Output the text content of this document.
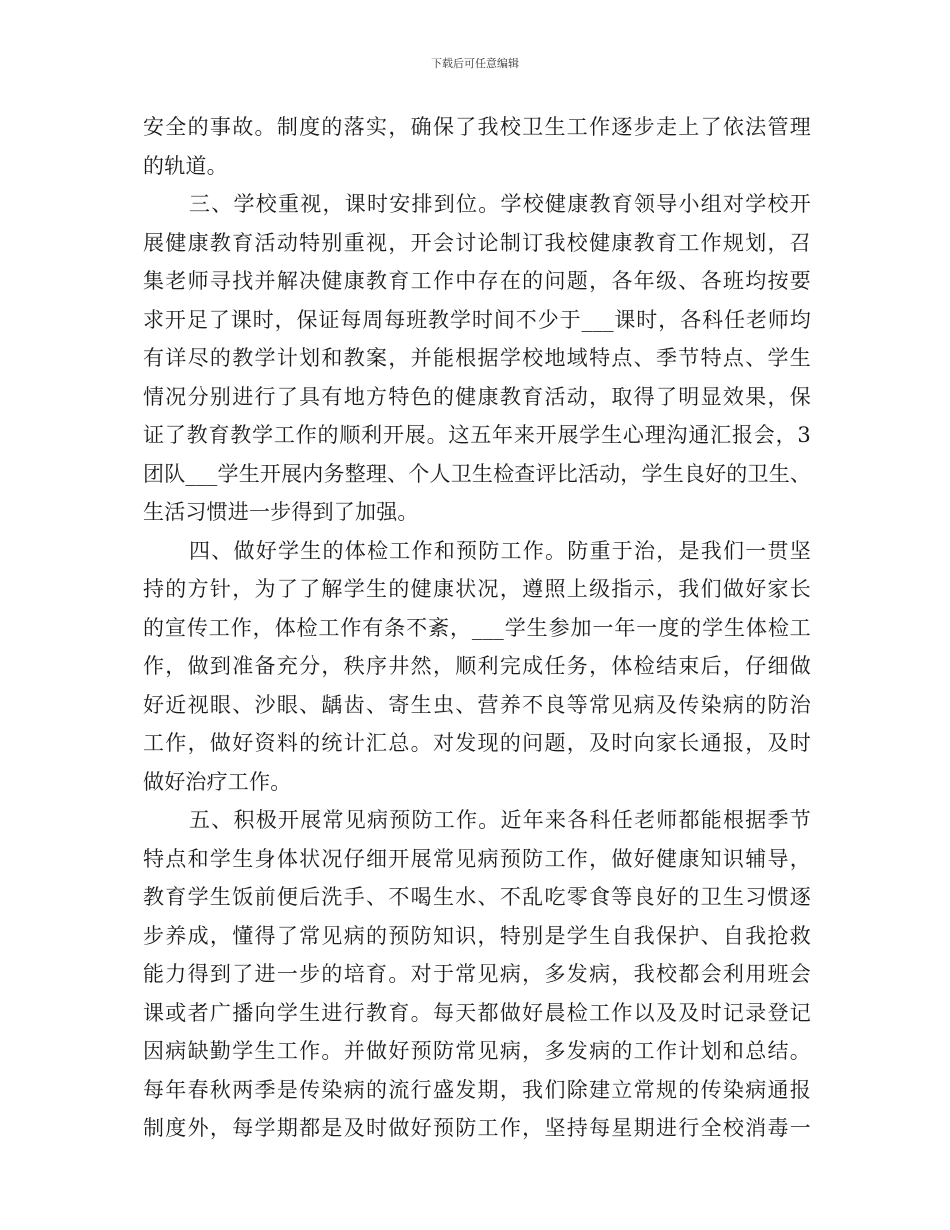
下载后可任意编辑
安全的事故。制度的落实，确保了我校卫生工作逐步走上了依法管理
的轨道。
三、学校重视，课时安排到位。学校健康教育领导小组对学校开
展健康教育活动特别重视，开会讨论制订我校健康教育工作规划，召
集老师寻找并解决健康教育工作中存在的问题，各年级、各班均按要
求开足了课时，保证每周每班教学时间不少于___课时，各科任老师均
有详尽的教学计划和教案，并能根据学校地域特点、季节特点、学生
情况分别进行了具有地方特色的健康教育活动，取得了明显效果，保
证了教育教学工作的顺利开展。这五年来开展学生心理沟通汇报会，3
团队___学生开展内务整理、个人卫生检查评比活动，学生良好的卫生、
生活习惯进一步得到了加强。
四、做好学生的体检工作和预防工作。防重于治，是我们一贯坚
持的方针，为了了解学生的健康状况，遵照上级指示，我们做好家长
的宣传工作，体检工作有条不紊，___学生参加一年一度的学生体检工
作，做到准备充分，秩序井然，顺利完成任务，体检结束后，仔细做
好近视眼、沙眼、龋齿、寄生虫、营养不良等常见病及传染病的防治
工作，做好资料的统计汇总。对发现的问题，及时向家长通报，及时
做好治疗工作。
五、积极开展常见病预防工作。近年来各科任老师都能根据季节
特点和学生身体状况仔细开展常见病预防工作，做好健康知识辅导，
教育学生饭前便后洗手、不喝生水、不乱吃零食等良好的卫生习惯逐
步养成，懂得了常见病的预防知识，特别是学生自我保护、自我抢救
能力得到了进一步的培育。对于常见病，多发病，我校都会利用班会
课或者广播向学生进行教育。每天都做好晨检工作以及及时记录登记
因病缺勤学生工作。并做好预防常见病，多发病的工作计划和总结。
每年春秋两季是传染病的流行盛发期，我们除建立常规的传染病通报
制度外，每学期都是及时做好预防工作，坚持每星期进行全校消毒一
